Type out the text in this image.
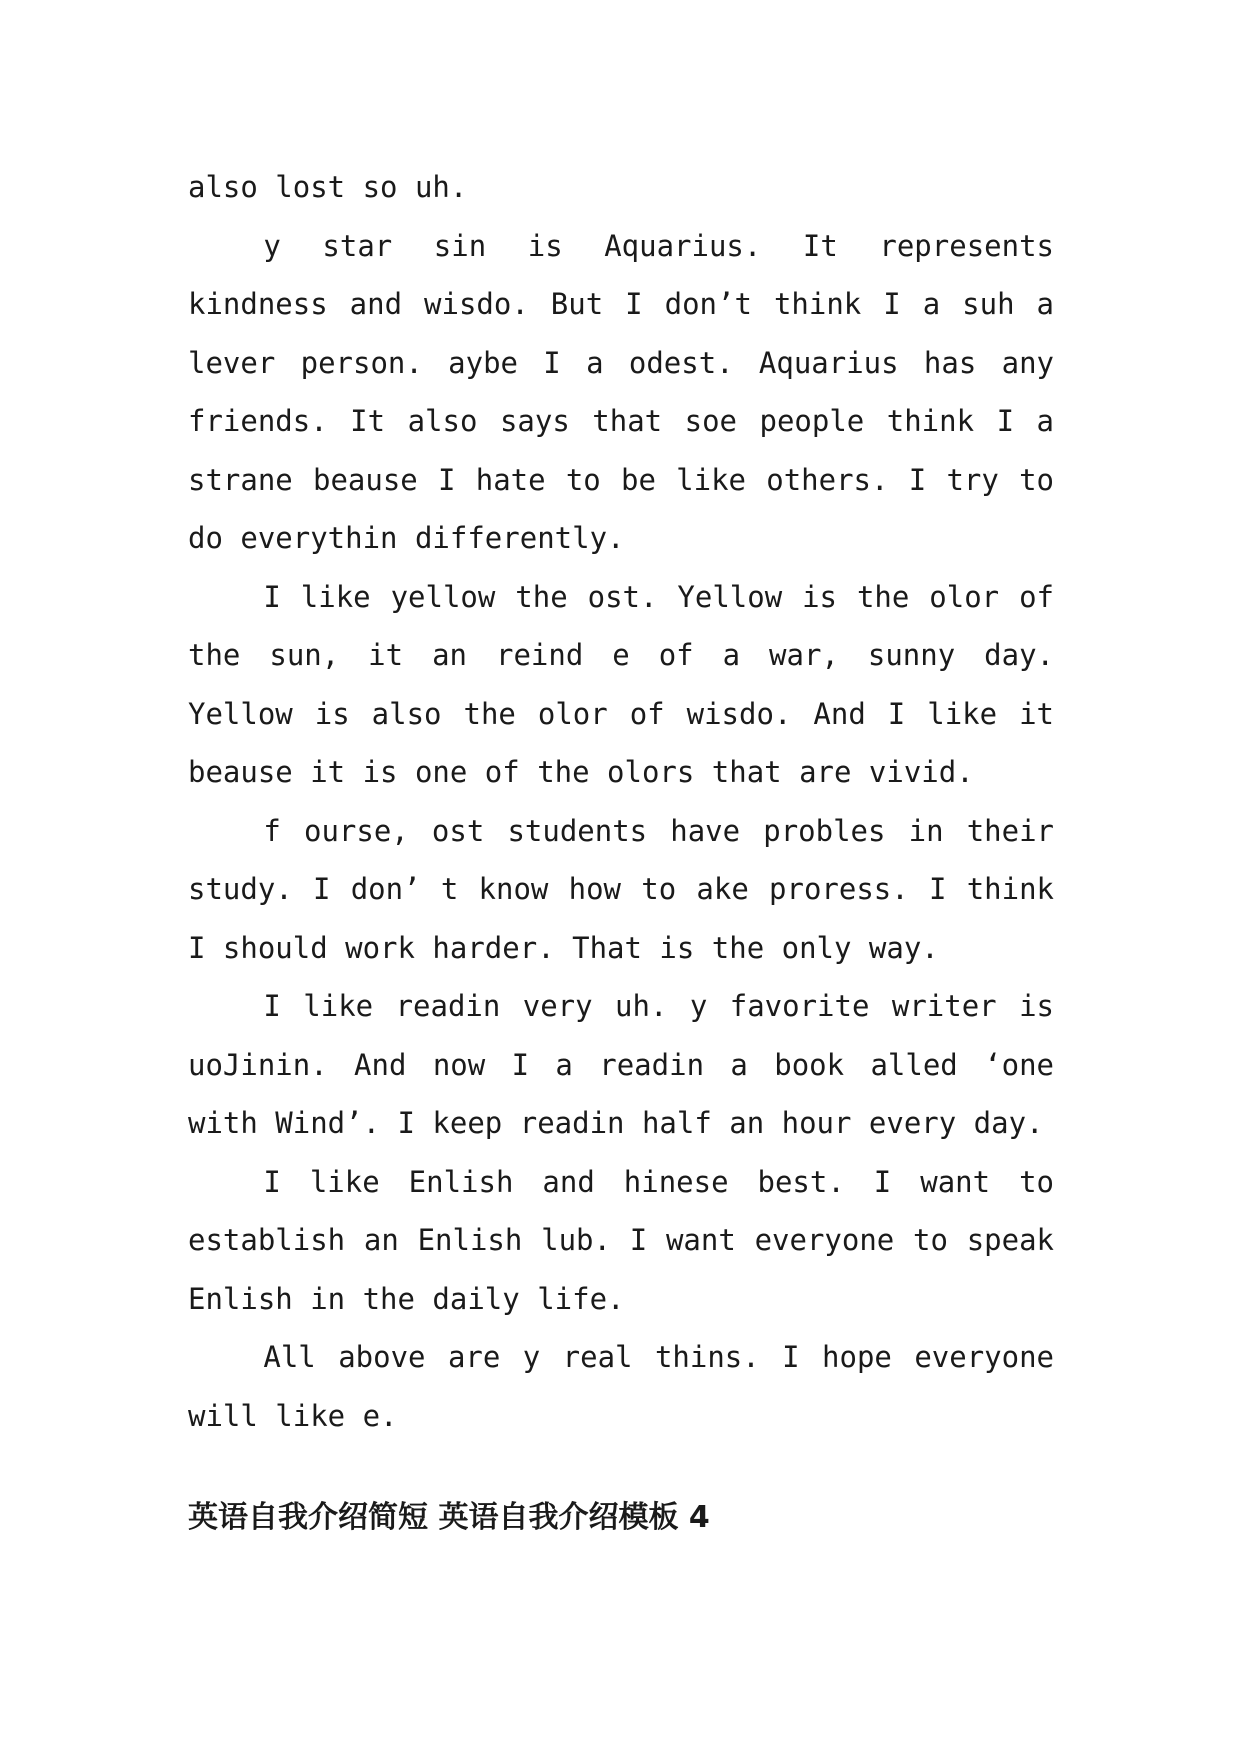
also lost so uh.

y star sin is Aquarius. It represents kindness and wisdo. But I don’t think I a suh a lever person. aybe I a odest. Aquarius has any friends. It also says that soe people think I a strane beause I hate to be like others. I try to do everythin differently.

I like yellow the ost. Yellow is the olor of the sun, it an reind e of a war, sunny day. Yellow is also the olor of wisdo. And I like it beause it is one of the olors that are vivid.

f ourse, ost students have probles in their study. I don’ t know how to ake proress. I think I should work harder. That is the only way.

I like readin very uh. y favorite writer is uoJinin. And now I a readin a book alled ‘one with Wind’. I keep readin half an hour every day.

I like Enlish and hinese best. I want to establish an Enlish lub. I want everyone to speak Enlish in the daily life.

All above are y real thins. I hope everyone will like e.

英语自我介绍简短 英语自我介绍模板 4
